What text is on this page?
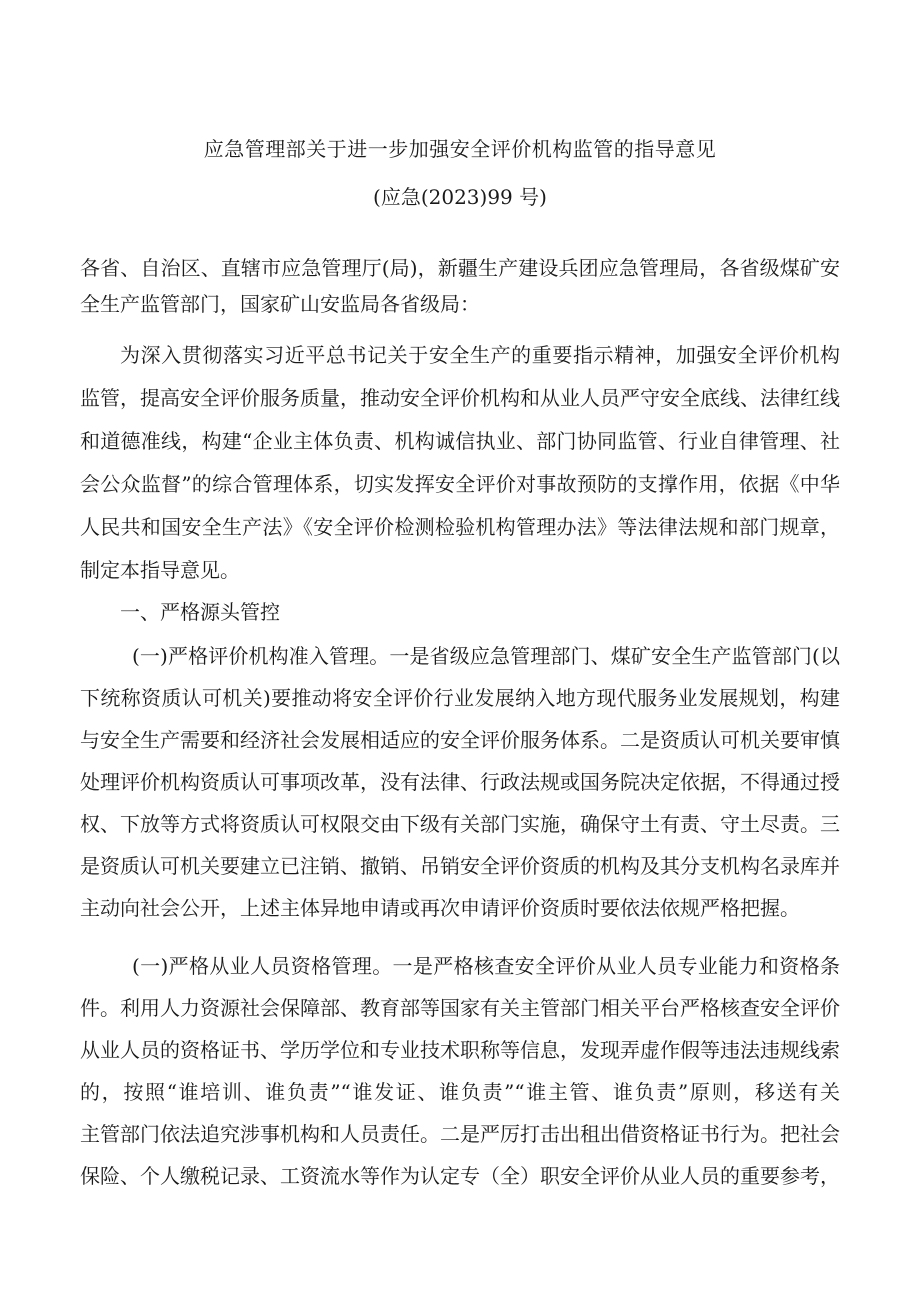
应急管理部关于进一步加强安全评价机构监管的指导意见
(应急(2023)99 号)
各省、自治区、直辖市应急管理厅(局)，新疆生产建设兵团应急管理局，各省级煤矿安
全生产监管部门，国家矿山安监局各省级局：
为深入贯彻落实习近平总书记关于安全生产的重要指示精神，加强安全评价机构
监管，提高安全评价服务质量，推动安全评价机构和从业人员严守安全底线、法律红线
和道德准线，构建“企业主体负责、机构诚信执业、部门协同监管、行业自律管理、社
会公众监督”的综合管理体系，切实发挥安全评价对事故预防的支撑作用，依据《中华
人民共和国安全生产法》《安全评价检测检验机构管理办法》等法律法规和部门规章，
制定本指导意见。
一、严格源头管控
(一)严格评价机构准入管理。一是省级应急管理部门、煤矿安全生产监管部门(以
下统称资质认可机关)要推动将安全评价行业发展纳入地方现代服务业发展规划，构建
与安全生产需要和经济社会发展相适应的安全评价服务体系。二是资质认可机关要审慎
处理评价机构资质认可事项改革，没有法律、行政法规或国务院决定依据，不得通过授
权、下放等方式将资质认可权限交由下级有关部门实施，确保守土有责、守土尽责。三
是资质认可机关要建立已注销、撤销、吊销安全评价资质的机构及其分支机构名录库并
主动向社会公开，上述主体异地申请或再次申请评价资质时要依法依规严格把握。
(一)严格从业人员资格管理。一是严格核查安全评价从业人员专业能力和资格条
件。利用人力资源社会保障部、教育部等国家有关主管部门相关平台严格核查安全评价
从业人员的资格证书、学历学位和专业技术职称等信息，发现弄虚作假等违法违规线索
的，按照“谁培训、谁负责”“谁发证、谁负责”“谁主管、谁负责”原则，移送有关
主管部门依法追究涉事机构和人员责任。二是严厉打击出租出借资格证书行为。把社会
保险、个人缴税记录、工资流水等作为认定专（全）职安全评价从业人员的重要参考，
